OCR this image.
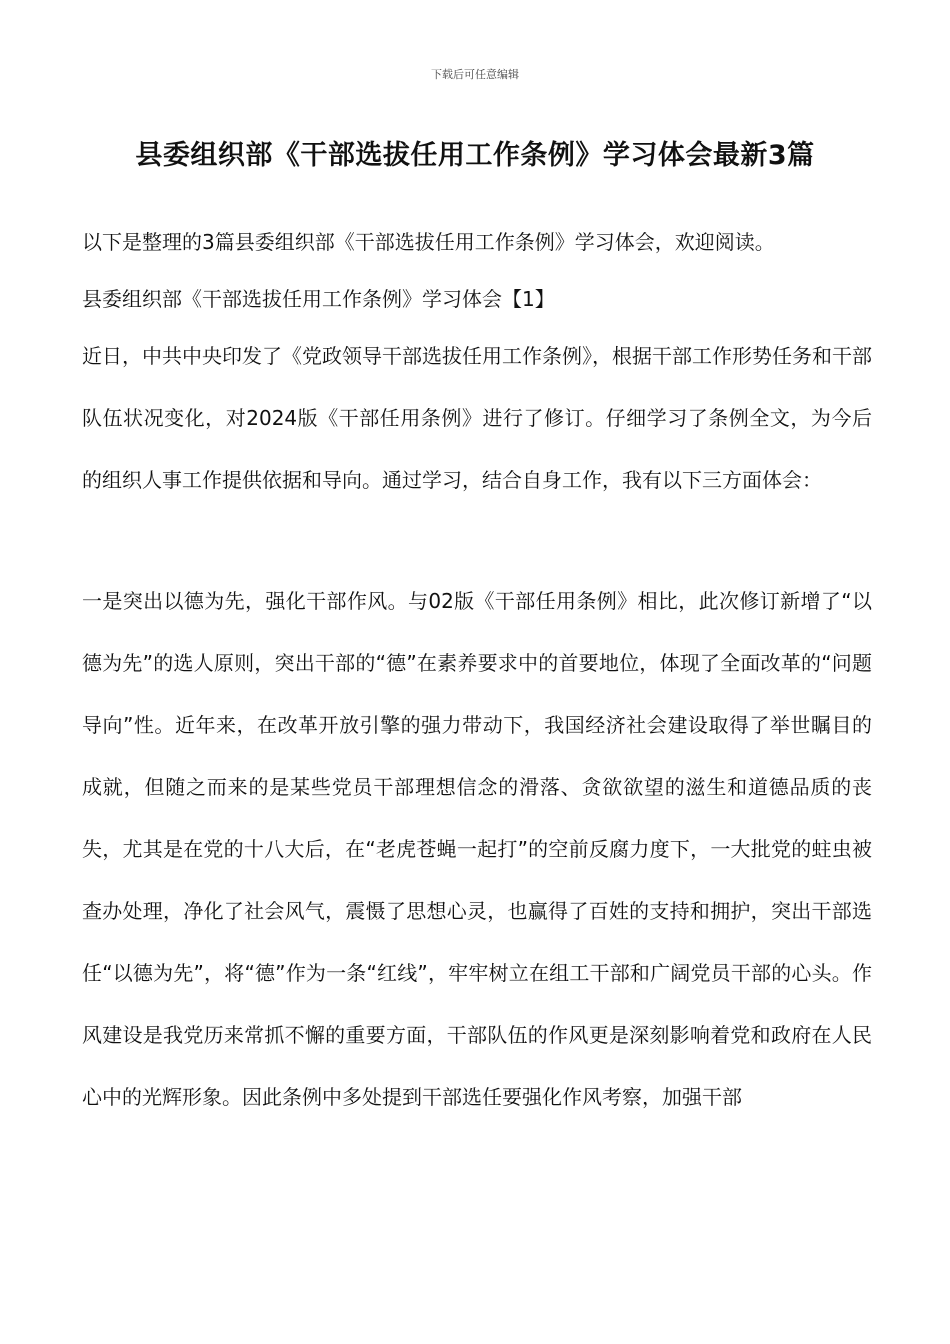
下载后可任意编辑
县委组织部《干部选拔任用工作条例》学习体会最新3篇
以下是整理的3篇县委组织部《干部选拔任用工作条例》学习体会，欢迎阅读。
县委组织部《干部选拔任用工作条例》学习体会【1】
近日，中共中央印发了《党政领导干部选拔任用工作条例》，根据干部工作形势任务和干部队伍状况变化，对2024版《干部任用条例》进行了修订。仔细学习了条例全文，为今后的组织人事工作提供依据和导向。通过学习，结合自身工作，我有以下三方面体会：
一是突出以德为先，强化干部作风。与02版《干部任用条例》相比，此次修订新增了“以德为先”的选人原则，突出干部的“德”在素养要求中的首要地位，体现了全面改革的“问题导向”性。近年来，在改革开放引擎的强力带动下，我国经济社会建设取得了举世瞩目的成就，但随之而来的是某些党员干部理想信念的滑落、贪欲欲望的滋生和道德品质的丧失，尤其是在党的十八大后，在“老虎苍蝇一起打”的空前反腐力度下，一大批党的蛀虫被查办处理，净化了社会风气，震慑了思想心灵，也赢得了百姓的支持和拥护，突出干部选任“以德为先”，将“德”作为一条“红线”，牢牢树立在组工干部和广阔党员干部的心头。作风建设是我党历来常抓不懈的重要方面，干部队伍的作风更是深刻影响着党和政府在人民心中的光辉形象。因此条例中多处提到干部选任要强化作风考察，加强干部
